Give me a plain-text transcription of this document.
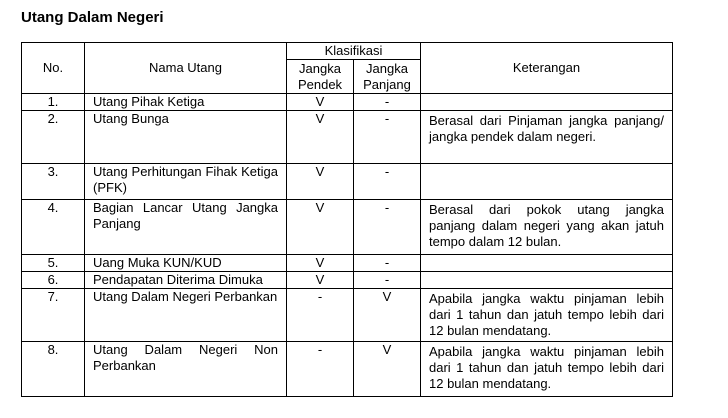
Utang Dalam Negeri
No.	Nama Utang	Klasifikasi		Keterangan
		Jangka Pendek	Jangka Panjang	
1.	Utang Pihak Ketiga	V	-	
2.	Utang Bunga	V	-	Berasal dari Pinjaman jangka panjang/ jangka pendek dalam negeri.
3.	Utang Perhitungan Fihak Ketiga (PFK)	V	-	
4.	Bagian Lancar Utang Jangka Panjang	V	-	Berasal dari pokok utang jangka panjang dalam negeri yang akan jatuh tempo dalam 12 bulan.
5.	Uang Muka KUN/KUD	V	-	
6.	Pendapatan Diterima Dimuka	V	-	
7.	Utang Dalam Negeri Perbankan	-	V	Apabila jangka waktu pinjaman lebih dari 1 tahun dan jatuh tempo lebih dari 12 bulan mendatang.
8.	Utang Dalam Negeri Non Perbankan	-	V	Apabila jangka waktu pinjaman lebih dari 1 tahun dan jatuh tempo lebih dari 12 bulan mendatang.
